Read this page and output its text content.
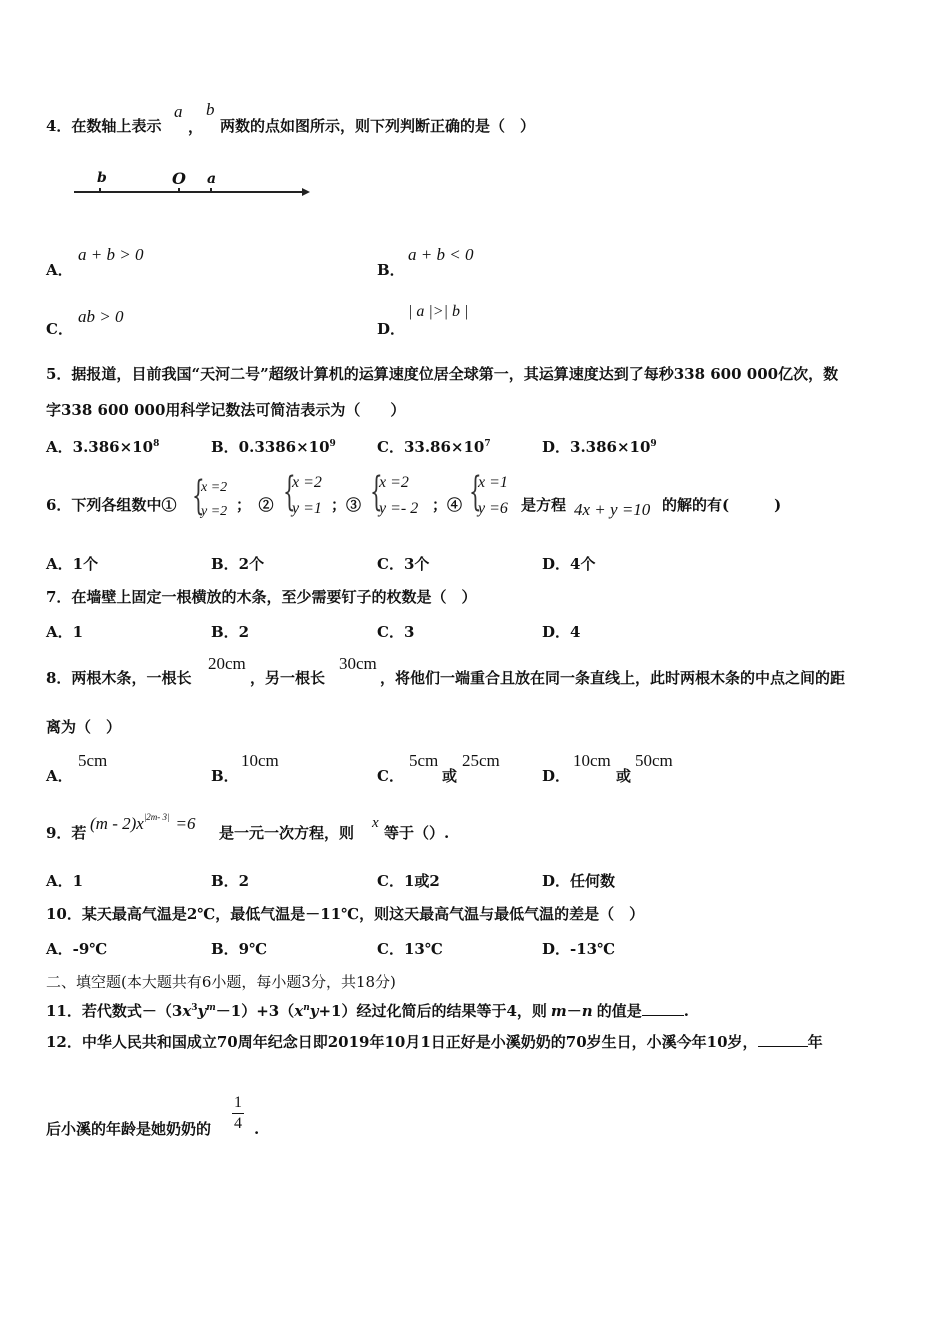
4．在数轴上表示
a
，
b
两数的点如图所示，则下列判断正确的是（　）
b	O a
A．
a + b > 0
B．
a + b < 0
C．
ab > 0
D．
| a |>| b |
5．据报道，目前我国“天河二号”超级计算机的运算速度位居全球第一，其运算速度达到了每秒338 600 000亿次，数
字338 600 000用科学记数法可简洁表示为（　　）
A．$3.386\times 10^8$	B．$0.3386\times 10^9$	C．$33.86\times 10^7$	D．$3.386\times 10^9$
6．下列各组数中① {
x =2
y =2 ；　② {
x =2
y =1 ；③ {
x =2
y =- 2 ；④ {
x =1
y =6 是方程 4x + y =10 的解的有(　　　)
A．1个	B．2个	C．3个	D．4个
7．在墙壁上固定一根横放的木条，至少需要钉子的枚数是（　）
A．1	B．2	C．3	D．4
8．两根木条，一根长
20cm
，另一根长
30cm
，将他们一端重合且放在同一条直线上，此时两根木条的中点之间的距
离为（　）
A．
5cm
B．
10cm
C．
5cm
或
25cm
D．
10cm
或
50cm
9．若 $(m - 2)x^{|2m- 3|} =6$ 是一元一次方程，则
x
等于（）.
A．1	B．2	C．1或2	D．任何数
10．某天最高气温是2℃，最低气温是－11℃，则这天最高气温与最低气温的差是（　）
A．-9℃	B．9℃	C．13℃	D．-13℃
二、填空题(本大题共有6小题，每小题3分，共18分)
11．若代数式$-(3x^3y^m-1)+3(x^ny+1)$经过化简后的结果等于4，则 m－n 的值是	.
12．中华人民共和国成立70周年纪念日即2019年10月1日正好是小溪奶奶的70岁生日，小溪今年10岁，	年
后小溪的年龄是她奶奶的
1
4 .
